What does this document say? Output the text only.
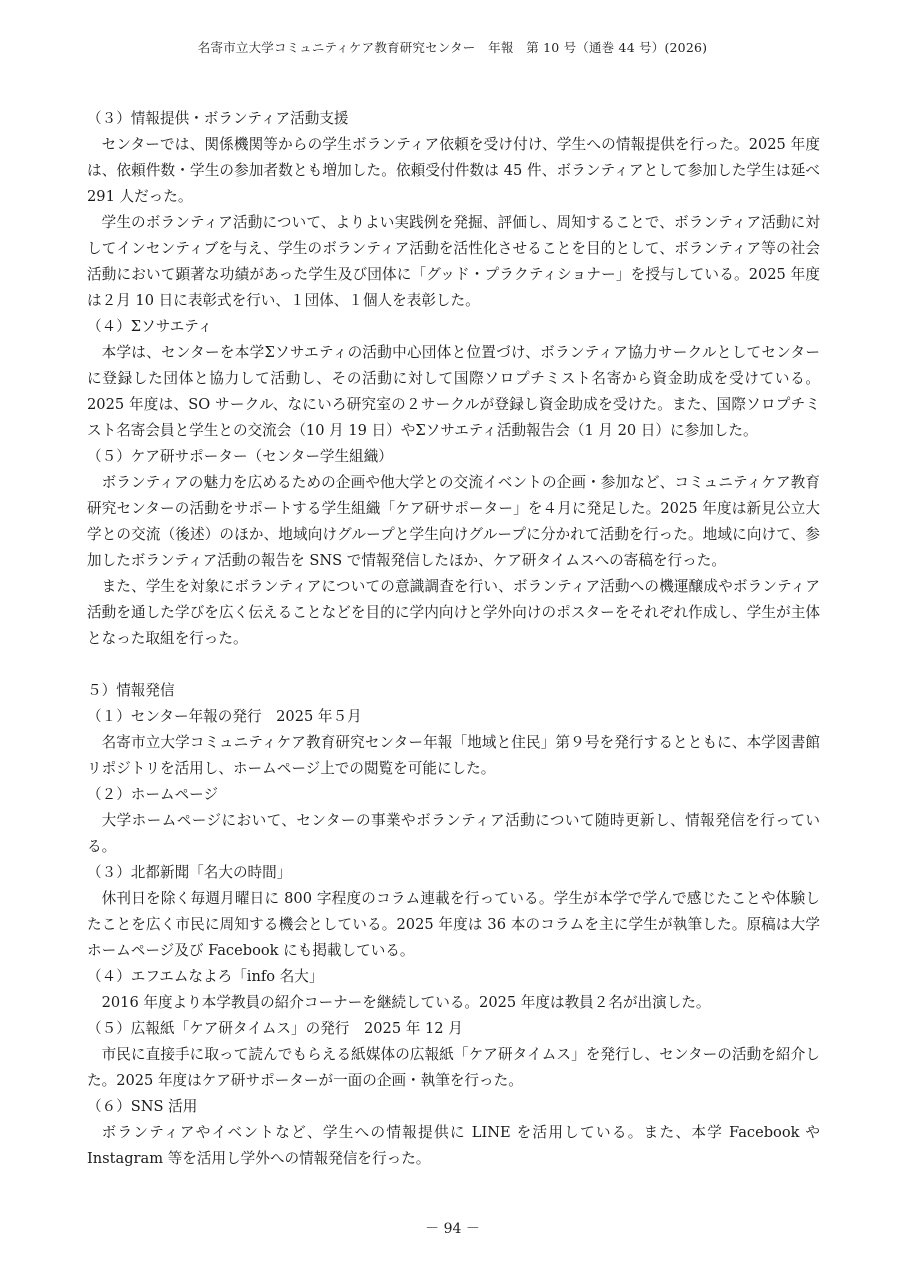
名寄市立大学コミュニティケア教育研究センター　年報　第 10 号（通巻 44 号）(2026)

（３）情報提供・ボランティア活動支援

センターでは、関係機関等からの学生ボランティア依頼を受け付け、学生への情報提供を行った。2025 年度は、依頼件数・学生の参加者数とも増加した。依頼受付件数は 45 件、ボランティアとして参加した学生は延べ 291 人だった。

学生のボランティア活動について、よりよい実践例を発掘、評価し、周知することで、ボランティア活動に対してインセンティブを与え、学生のボランティア活動を活性化させることを目的として、ボランティア等の社会活動において顕著な功績があった学生及び団体に「グッド・プラクティショナー」を授与している。2025 年度は２月 10 日に表彰式を行い、１団体、１個人を表彰した。

（４）Σソサエティ

本学は、センターを本学Σソサエティの活動中心団体と位置づけ、ボランティア協力サークルとしてセンターに登録した団体と協力して活動し、その活動に対して国際ソロプチミスト名寄から資金助成を受けている。2025 年度は、SO サークル、なにいろ研究室の２サークルが登録し資金助成を受けた。また、国際ソロプチミスト名寄会員と学生との交流会（10 月 19 日）やΣソサエティ活動報告会（1 月 20 日）に参加した。

（５）ケア研サポーター（センター学生組織）

ボランティアの魅力を広めるための企画や他大学との交流イベントの企画・参加など、コミュニティケア教育研究センターの活動をサポートする学生組織「ケア研サポーター」を４月に発足した。2025 年度は新見公立大学との交流（後述）のほか、地域向けグループと学生向けグループに分かれて活動を行った。地域に向けて、参加したボランティア活動の報告を SNS で情報発信したほか、ケア研タイムスへの寄稿を行った。

また、学生を対象にボランティアについての意識調査を行い、ボランティア活動への機運醸成やボランティア活動を通した学びを広く伝えることなどを目的に学内向けと学外向けのポスターをそれぞれ作成し、学生が主体となった取組を行った。

５）情報発信

（１）センター年報の発行　2025 年５月

名寄市立大学コミュニティケア教育研究センター年報「地域と住民」第９号を発行するとともに、本学図書館リポジトリを活用し、ホームページ上での閲覧を可能にした。

（２）ホームページ

大学ホームページにおいて、センターの事業やボランティア活動について随時更新し、情報発信を行っている。

（３）北都新聞「名大の時間」

休刊日を除く毎週月曜日に 800 字程度のコラム連載を行っている。学生が本学で学んで感じたことや体験したことを広く市民に周知する機会としている。2025 年度は 36 本のコラムを主に学生が執筆した。原稿は大学ホームページ及び Facebook にも掲載している。

（４）エフエムなよろ「info 名大」

2016 年度より本学教員の紹介コーナーを継続している。2025 年度は教員２名が出演した。

（５）広報紙「ケア研タイムス」の発行　2025 年 12 月

市民に直接手に取って読んでもらえる紙媒体の広報紙「ケア研タイムス」を発行し、センターの活動を紹介した。2025 年度はケア研サポーターが一面の企画・執筆を行った。

（６）SNS 活用

ボランティアやイベントなど、学生への情報提供に LINE を活用している。また、本学 Facebook や Instagram 等を活用し学外への情報発信を行った。

－ 94 －
